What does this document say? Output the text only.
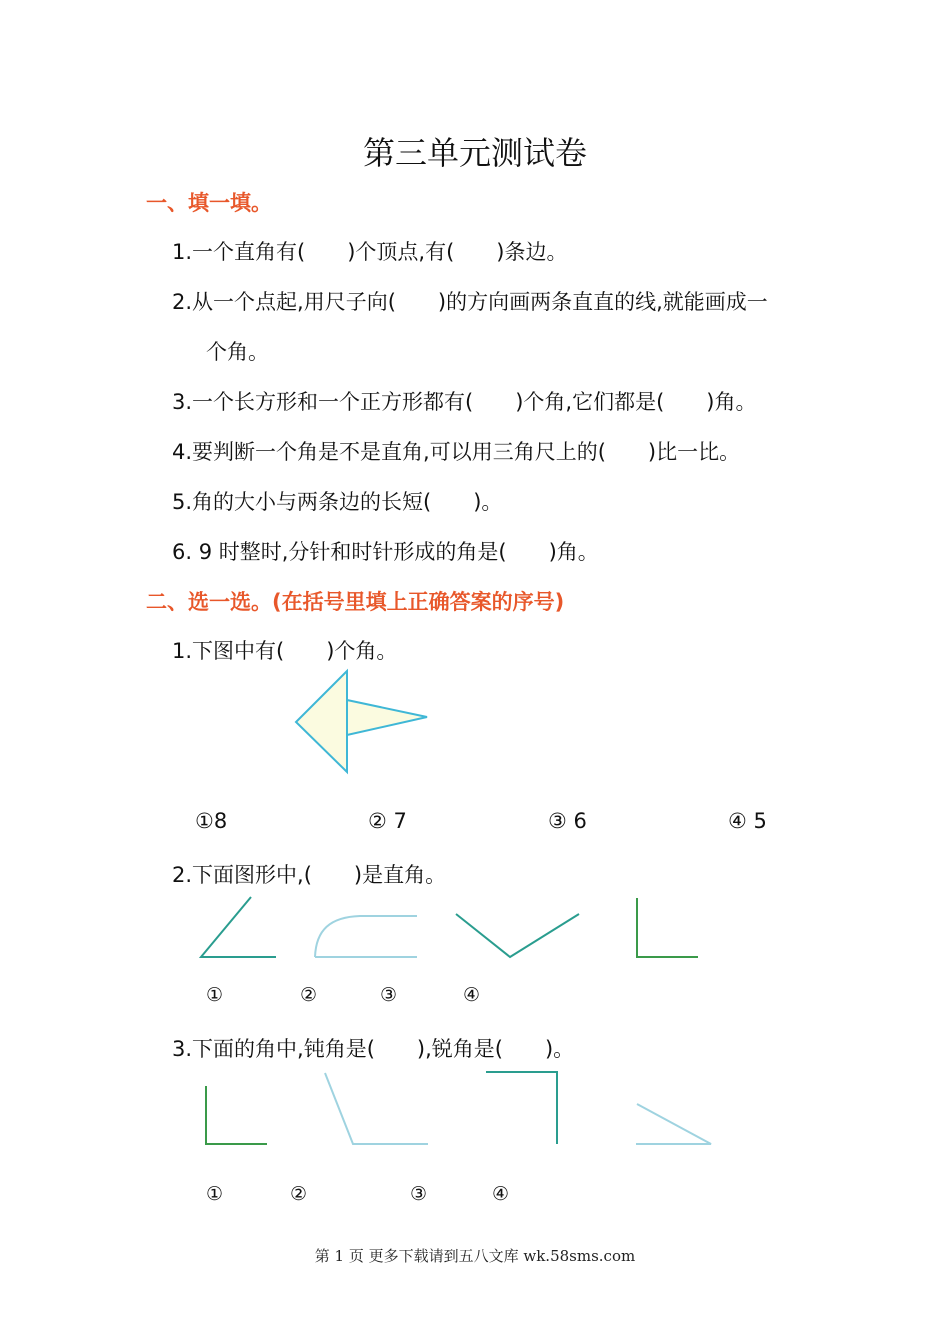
第三单元测试卷
一、填一填。
1.一个直角有(　　)个顶点,有(　　)条边。
2.从一个点起,用尺子向(　　)的方向画两条直直的线,就能画成一
个角。
3.一个长方形和一个正方形都有(　　)个角,它们都是(　　)角。
4.要判断一个角是不是直角,可以用三角尺上的(　　)比一比。
5.角的大小与两条边的长短(　　)。
6. 9 时整时,分针和时针形成的角是(　　)角。
二、选一选。(在括号里填上正确答案的序号)
1.下图中有(　　)个角。
①8	② 7	③ 6	④ 5
2.下面图形中,(　　)是直角。
①	②	③	④
3.下面的角中,钝角是(　　),锐角是(　　)。
①	②	③	④
第 1 页 更多下载请到五八文库 wk.58sms.com
